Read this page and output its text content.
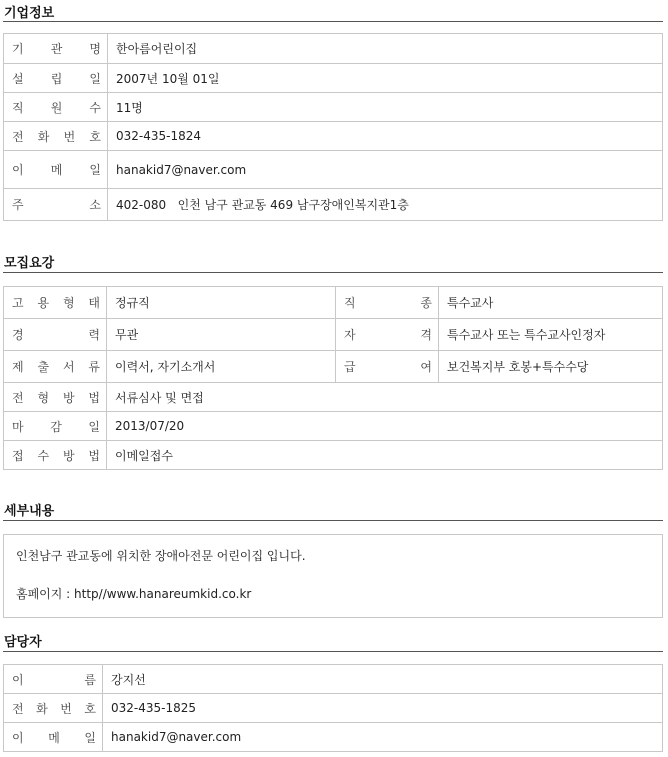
기업정보
기 관 명	한아름어린이집

설 립 일	2007년 10월 01일

직 원 수	11명

전 화 번 호	032-435-1824

이 메 일	hanakid7@naver.com

주 소	402-080   인천 남구 관교동 469 남구장애인복지관1층
모집요강
고 용 형 태	정규직	직 종	특수교사

경 력	무관	자 격	특수교사 또는 특수교사인정자

제 출 서 류	이력서, 자기소개서	급 여	보건복지부 호봉+특수수당

전 형 방 법	서류심사 및 면접		

마 감 일	2013/07/20		

접 수 방 법	이메일접수		
세부내용

인천남구 관교동에 위치한 장애아전문 어린이집 입니다.

홈페이지 : http//www.hanareumkid.co.kr

담당자
이 름	강지선

전 화 번 호	032-435-1825

이 메 일	hanakid7@naver.com
